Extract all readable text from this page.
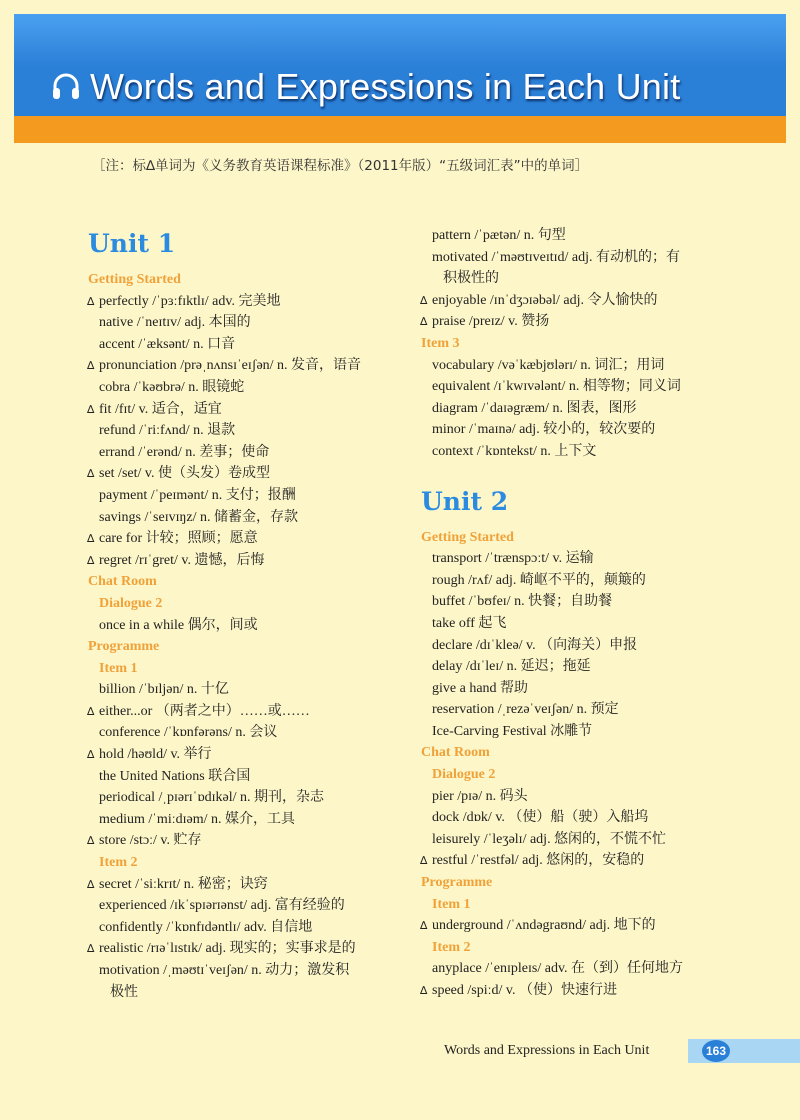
Words and Expressions in Each Unit
［注：标∆单词为《义务教育英语课程标准》（2011年版）“五级词汇表”中的单词］
Unit 1
Getting Started
∆ perfectly /ˈpɜːfɪktlɪ/ adv. 完美地
native /ˈneɪtɪv/ adj. 本国的
accent /ˈæksənt/ n. 口音
∆ pronunciation /prəˌnʌnsɪˈeɪʃən/ n. 发音，语音
cobra /ˈkəʊbrə/ n. 眼镜蛇
∆ fit /fɪt/ v. 适合，适宜
refund /ˈriːfʌnd/ n. 退款
errand /ˈerənd/ n. 差事；使命
∆ set /set/ v. 使（头发）卷成型
payment /ˈpeɪmənt/ n. 支付；报酬
savings /ˈseɪvɪŋz/ n. 储蓄金，存款
∆ care for 计较；照顾；愿意
∆ regret /rɪˈgret/ v. 遗憾，后悔
Chat Room
Dialogue 2
once in a while 偶尔，间或
Programme
Item 1
billion /ˈbɪljən/ n. 十亿
∆ either...or （两者之中）……或……
conference /ˈkɒnfərəns/ n. 会议
∆ hold /həʊld/ v. 举行
the United Nations 联合国
periodical /ˌpɪərɪˈɒdɪkəl/ n. 期刊，杂志
medium /ˈmiːdɪəm/ n. 媒介，工具
∆ store /stɔː/ v. 贮存
Item 2
∆ secret /ˈsiːkrɪt/ n. 秘密；诀窍
experienced /ɪkˈspɪərɪənst/ adj. 富有经验的
confidently /ˈkɒnfɪdəntlɪ/ adv. 自信地
∆ realistic /rɪəˈlɪstɪk/ adj. 现实的；实事求是的
motivation /ˌməʊtɪˈveɪʃən/ n. 动力；激发积
极性
pattern /ˈpætən/ n. 句型
motivated /ˈməʊtɪveɪtɪd/ adj. 有动机的；有
积极性的
∆ enjoyable /ɪnˈdʒɔɪəbəl/ adj. 令人愉快的
∆ praise /preɪz/ v. 赞扬
Item 3
vocabulary /vəˈkæbjʊlərɪ/ n. 词汇；用词
equivalent /ɪˈkwɪvələnt/ n. 相等物；同义词
diagram /ˈdaɪəgræm/ n. 图表，图形
minor /ˈmaɪnə/ adj. 较小的，较次要的
context /ˈkɒntekst/ n. 上下文
Unit 2
Getting Started
transport /ˈtrænspɔːt/ v. 运输
rough /rʌf/ adj. 崎岖不平的，颠簸的
buffet /ˈbʊfeɪ/ n. 快餐；自助餐
take off 起飞
declare /dɪˈkleə/ v. （向海关）申报
delay /dɪˈleɪ/ n. 延迟；拖延
give a hand 帮助
reservation /ˌrezəˈveɪʃən/ n. 预定
Ice-Carving Festival 冰雕节
Chat Room
Dialogue 2
pier /pɪə/ n. 码头
dock /dɒk/ v. （使）船（驶）入船坞
leisurely /ˈleʒəlɪ/ adj. 悠闲的，不慌不忙
∆ restful /ˈrestfəl/ adj. 悠闲的，安稳的
Programme
Item 1
∆ underground /ˈʌndəgraʊnd/ adj. 地下的
Item 2
anyplace /ˈenɪpleɪs/ adv. 在（到）任何地方
∆ speed /spiːd/ v. （使）快速行进
Words and Expressions in Each Unit	163
